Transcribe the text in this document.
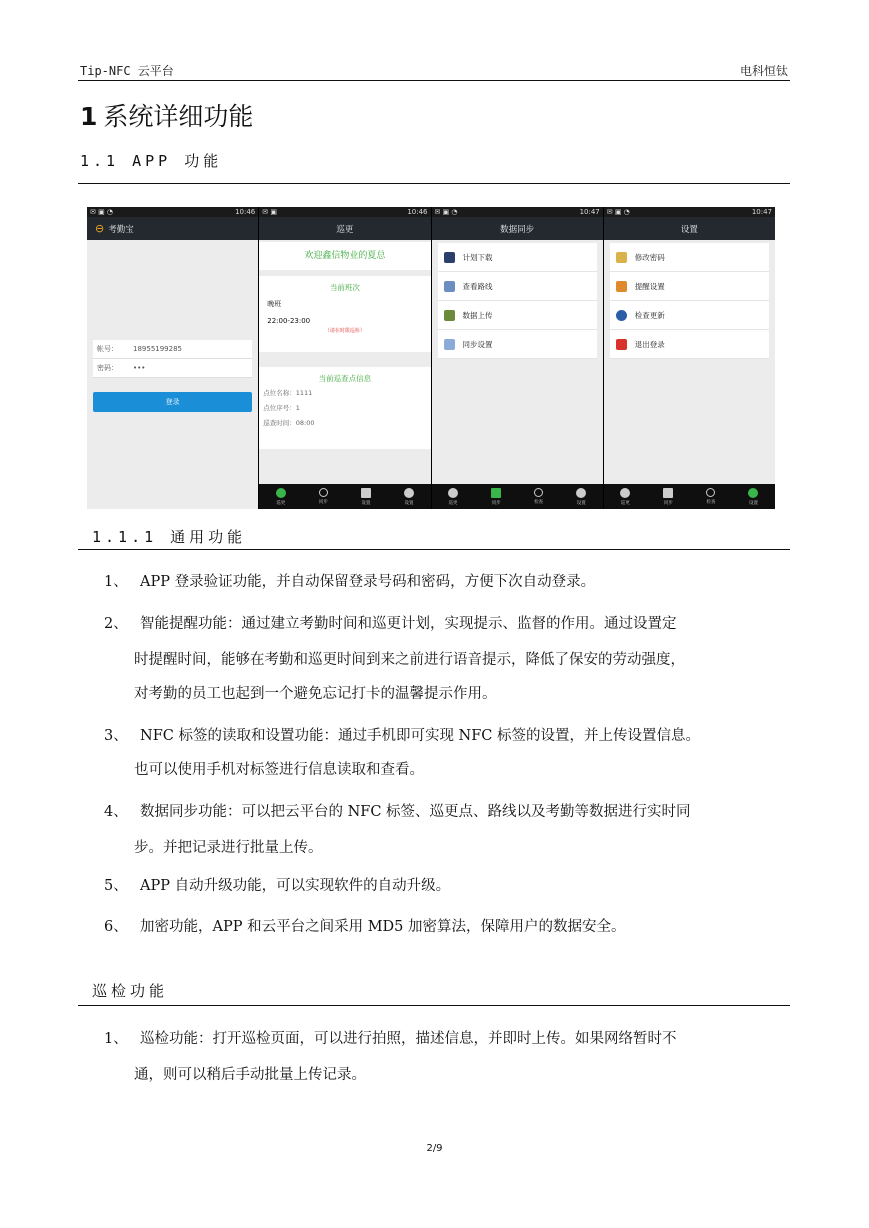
Tip-NFC 云平台	电科恒钛
1 系统详细功能
1.1 APP 功能
✉ ▣ ◔	10:46
⊖ 考勤宝
帐号：	18955199285
密码：	•••
登录
✉ ▣	10:46
巡更
欢迎鑫信物业的夏总
当前班次
晚班
22:00-23:00
（请在时限巡检）
当前巡查点信息
点位名称：1111
点位序号：1
巡查时间：08:00
巡更	同步	设置	设置
✉ ▣ ◔	10:47
数据同步
计划下载
查看路线
数据上传
同步设置
巡更	同步	检查	设置
✉ ▣ ◔	10:47
设置
修改密码
提醒设置
检查更新
退出登录
巡更	同步	检查	设置
1.1.1 通用功能
1、 APP 登录验证功能，并自动保留登录号码和密码，方便下次自动登录。
2、 智能提醒功能：通过建立考勤时间和巡更计划，实现提示、监督的作用。通过设置定
时提醒时间，能够在考勤和巡更时间到来之前进行语音提示，降低了保安的劳动强度，
对考勤的员工也起到一个避免忘记打卡的温馨提示作用。
3、 NFC 标签的读取和设置功能：通过手机即可实现 NFC 标签的设置，并上传设置信息。
也可以使用手机对标签进行信息读取和查看。
4、 数据同步功能：可以把云平台的 NFC 标签、巡更点、路线以及考勤等数据进行实时同
步。并把记录进行批量上传。
5、 APP 自动升级功能，可以实现软件的自动升级。
6、 加密功能，APP 和云平台之间采用 MD5 加密算法，保障用户的数据安全。
巡检功能
1、 巡检功能：打开巡检页面，可以进行拍照，描述信息，并即时上传。如果网络暂时不
通，则可以稍后手动批量上传记录。
2/9
